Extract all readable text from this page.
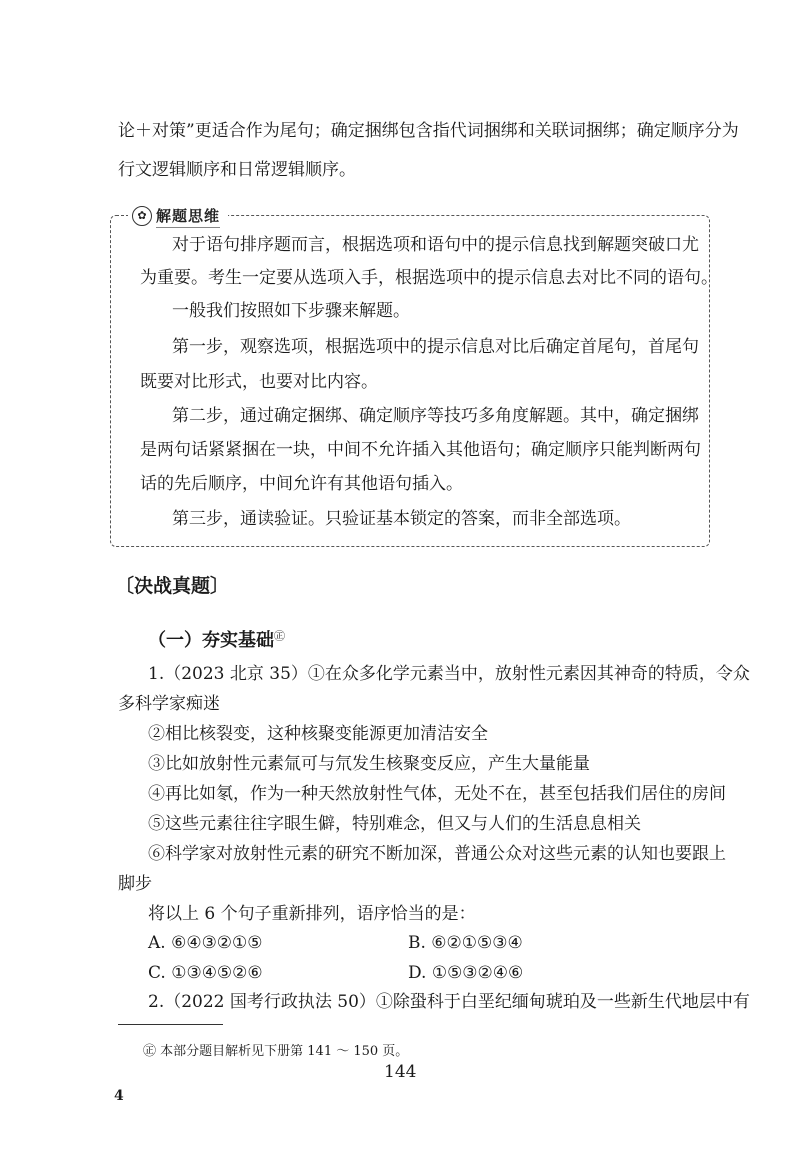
论＋对策”更适合作为尾句；确定捆绑包含指代词捆绑和关联词捆绑；确定顺序分为
行文逻辑顺序和日常逻辑顺序。
✿ 解题思维
对于语句排序题而言，根据选项和语句中的提示信息找到解题突破口尤
为重要。考生一定要从选项入手，根据选项中的提示信息去对比不同的语句。
一般我们按照如下步骤来解题。
第一步，观察选项，根据选项中的提示信息对比后确定首尾句，首尾句
既要对比形式，也要对比内容。
第二步，通过确定捆绑、确定顺序等技巧多角度解题。其中，确定捆绑
是两句话紧紧捆在一块，中间不允许插入其他语句；确定顺序只能判断两句
话的先后顺序，中间允许有其他语句插入。
第三步，通读验证。只验证基本锁定的答案，而非全部选项。
〔决战真题〕
（一）夯实基础㊣
1.（2023 北京 35）①在众多化学元素当中，放射性元素因其神奇的特质，令众
多科学家痴迷
②相比核裂变，这种核聚变能源更加清洁安全
③比如放射性元素氚可与氘发生核聚变反应，产生大量能量
④再比如氡，作为一种天然放射性气体，无处不在，甚至包括我们居住的房间
⑤这些元素往往字眼生僻，特别难念，但又与人们的生活息息相关
⑥科学家对放射性元素的研究不断加深，普通公众对这些元素的认知也要跟上
脚步
将以上 6 个句子重新排列，语序恰当的是：
A. ⑥④③②①⑤	B. ⑥②①⑤③④
C. ①③④⑤②⑥	D. ①⑤③②④⑥
2.（2022 国考行政执法 50）①除蛩科于白垩纪缅甸琥珀及一些新生代地层中有
㊣ 本部分题目解析见下册第 141 ～ 150 页。
144
4
